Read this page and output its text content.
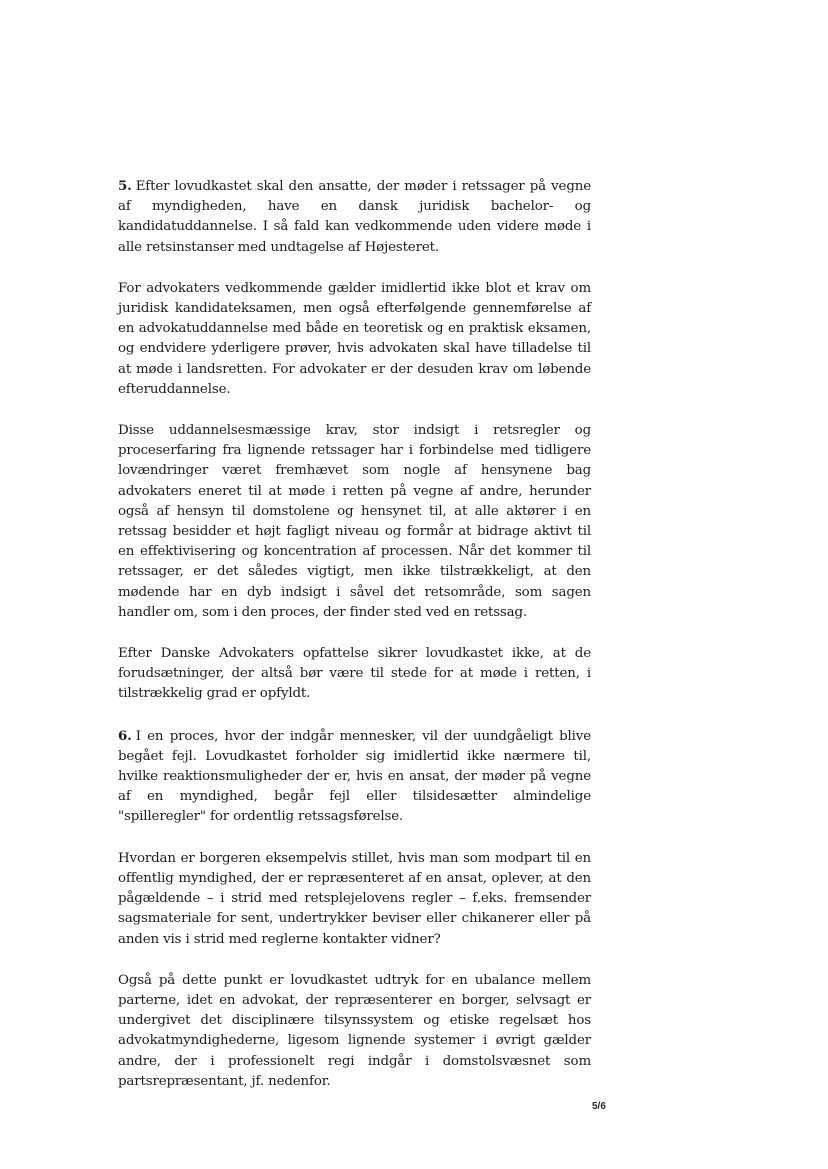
5. Efter lovudkastet skal den ansatte, der møder i retssager på vegne af myndigheden, have en dansk juridisk bachelor- og kandidatuddannelse. I så fald kan vedkommende uden videre møde i alle retsinstanser med undtagelse af Højesteret.

For advokaters vedkommende gælder imidlertid ikke blot et krav om juridisk kandidateksamen, men også efterfølgende gennemførelse af en advokatuddannelse med både en teoretisk og en praktisk eksamen, og endvidere yderligere prøver, hvis advokaten skal have tilladelse til at møde i landsretten. For advokater er der desuden krav om løbende efteruddannelse.

Disse uddannelsesmæssige krav, stor indsigt i retsregler og proceserfaring fra lignende retssager har i forbindelse med tidligere lovændringer været fremhævet som nogle af hensynene bag advokaters eneret til at møde i retten på vegne af andre, herunder også af hensyn til domstolene og hensynet til, at alle aktører i en retssag besidder et højt fagligt niveau og formår at bidrage aktivt til en effektivisering og koncentration af processen. Når det kommer til retssager, er det således vigtigt, men ikke tilstrækkeligt, at den mødende har en dyb indsigt i såvel det retsområde, som sagen handler om, som i den proces, der finder sted ved en retssag.

Efter Danske Advokaters opfattelse sikrer lovudkastet ikke, at de forudsætninger, der altså bør være til stede for at møde i retten, i tilstrækkelig grad er opfyldt.

6. I en proces, hvor der indgår mennesker, vil der uundgåeligt blive begået fejl. Lovudkastet forholder sig imidlertid ikke nærmere til, hvilke reaktionsmuligheder der er, hvis en ansat, der møder på vegne af en myndighed, begår fejl eller tilsidesætter almindelige "spilleregler" for ordentlig retssagsførelse.

Hvordan er borgeren eksempelvis stillet, hvis man som modpart til en offentlig myndighed, der er repræsenteret af en ansat, oplever, at den pågældende – i strid med retsplejelovens regler – f.eks. fremsender sagsmateriale for sent, undertrykker beviser eller chikanerer eller på anden vis i strid med reglerne kontakter vidner?

Også på dette punkt er lovudkastet udtryk for en ubalance mellem parterne, idet en advokat, der repræsenterer en borger, selvsagt er undergivet det disciplinære tilsynssystem og etiske regelsæt hos advokatmyndighederne, ligesom lignende systemer i øvrigt gælder andre, der i professionelt regi indgår i domstolsvæsnet som partsrepræsentant, jf. nedenfor.

5/6
